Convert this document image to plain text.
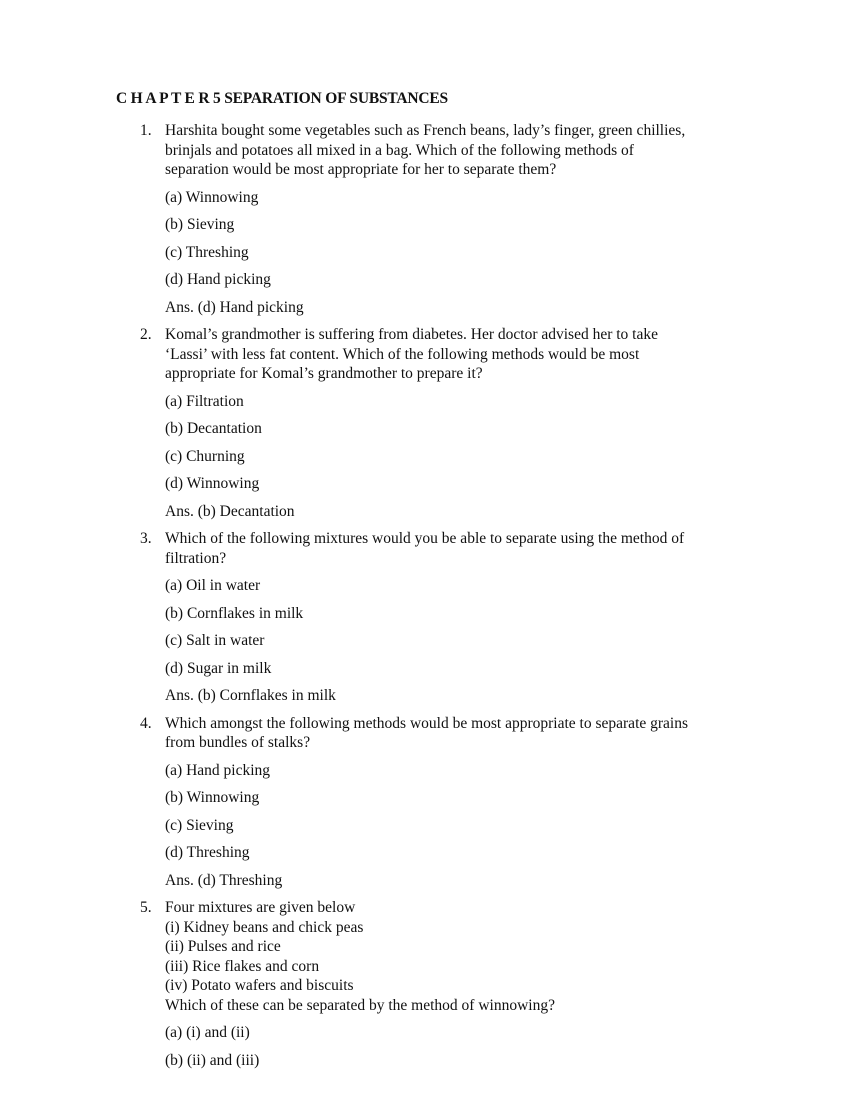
C H A P T E R 5 SEPARATION OF SUBSTANCES
1. Harshita bought some vegetables such as French beans, lady’s finger, green chillies,
brinjals and potatoes all mixed in a bag. Which of the following methods of
separation would be most appropriate for her to separate them?
(a) Winnowing
(b) Sieving
(c) Threshing
(d) Hand picking
Ans. (d) Hand picking
2. Komal’s grandmother is suffering from diabetes. Her doctor advised her to take
‘Lassi’ with less fat content. Which of the following methods would be most
appropriate for Komal’s grandmother to prepare it?
(a) Filtration
(b) Decantation
(c) Churning
(d) Winnowing
Ans. (b) Decantation
3. Which of the following mixtures would you be able to separate using the method of
filtration?
(a) Oil in water
(b) Cornflakes in milk
(c) Salt in water
(d) Sugar in milk
Ans. (b) Cornflakes in milk
4. Which amongst the following methods would be most appropriate to separate grains
from bundles of stalks?
(a) Hand picking
(b) Winnowing
(c) Sieving
(d) Threshing
Ans. (d) Threshing
5. Four mixtures are given below
(i) Kidney beans and chick peas
(ii) Pulses and rice
(iii) Rice flakes and corn
(iv) Potato wafers and biscuits
Which of these can be separated by the method of winnowing?
(a) (i) and (ii)
(b) (ii) and (iii)
